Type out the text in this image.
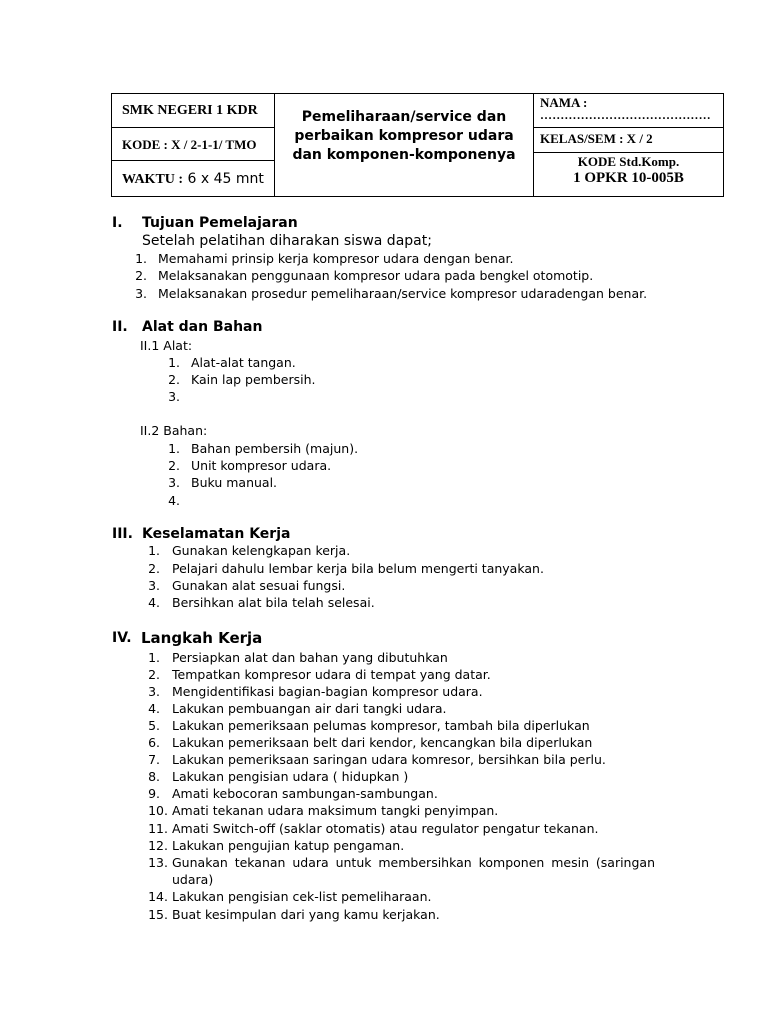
SMK NEGERI 1 KDR
KODE : X / 2-1-1/ TMO
WAKTU : 6 x 45 mnt
Pemeliharaan/service dan
perbaikan kompresor udara
dan komponen-komponenya
NAMA :
……………………………………
KELAS/SEM : X / 2
KODE Std.Komp.
1 OPKR 10-005B
I. Tujuan Pemelajaran
Setelah pelatihan diharakan siswa dapat;
1. Memahami prinsip kerja kompresor udara dengan benar.
2. Melaksanakan penggunaan kompresor udara pada bengkel otomotip.
3. Melaksanakan prosedur pemeliharaan/service kompresor udaradengan benar.
II. Alat dan Bahan
II.1 Alat:
1. Alat-alat tangan.
2. Kain lap pembersih.
3.
II.2 Bahan:
1. Bahan pembersih (majun).
2. Unit kompresor udara.
3. Buku manual.
4.
III. Keselamatan Kerja
1. Gunakan kelengkapan kerja.
2. Pelajari dahulu lembar kerja bila belum mengerti tanyakan.
3. Gunakan alat sesuai fungsi.
4. Bersihkan alat bila telah selesai.
IV. Langkah Kerja
1. Persiapkan alat dan bahan yang dibutuhkan
2. Tempatkan kompresor udara di tempat yang datar.
3. Mengidentifikasi bagian-bagian kompresor udara.
4. Lakukan pembuangan air dari tangki udara.
5. Lakukan pemeriksaan pelumas kompresor, tambah bila diperlukan
6. Lakukan pemeriksaan belt dari kendor, kencangkan bila diperlukan
7. Lakukan pemeriksaan saringan udara komresor, bersihkan bila perlu.
8. Lakukan pengisian udara ( hidupkan )
9. Amati kebocoran sambungan-sambungan.
10. Amati tekanan udara maksimum tangki penyimpan.
11. Amati Switch-off (saklar otomatis) atau regulator pengatur tekanan.
12. Lakukan pengujian katup pengaman.
13. Gunakan tekanan udara untuk membersihkan komponen mesin (saringan
udara)
14. Lakukan pengisian cek-list pemeliharaan.
15. Buat kesimpulan dari yang kamu kerjakan.
